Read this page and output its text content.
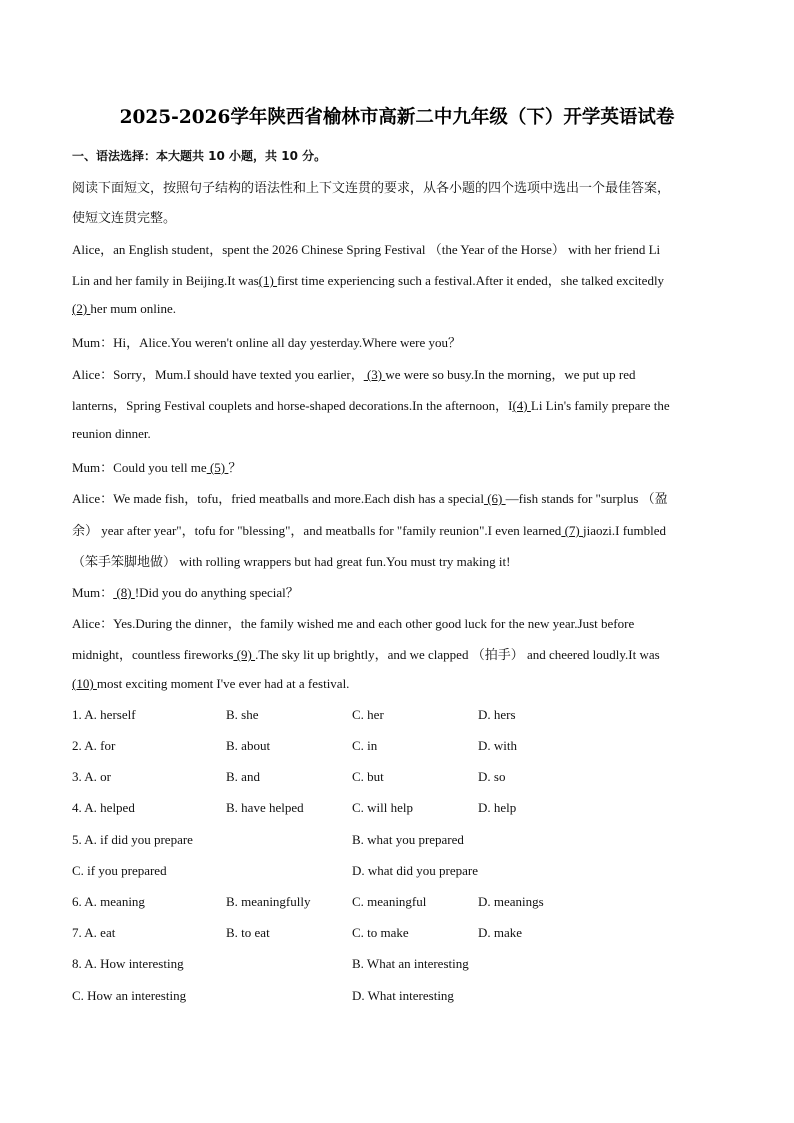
2025-2026学年陕西省榆林市高新二中九年级（下）开学英语试卷
一、语法选择：本大题共 10 小题，共 10 分。
阅读下面短文，按照句子结构的语法性和上下文连贯的要求，从各小题的四个选项中选出一个最佳答案，
使短文连贯完整。
Alice，an English student，spent the 2026 Chinese Spring Festival （the Year of the Horse） with her friend Li
Lin and her family in Beijing.It was(1) first time experiencing such a festival.After it ended，she talked excitedly
(2) her mum online.
Mum：Hi，Alice.You weren't online all day yesterday.Where were you？
Alice：Sorry，Mum.I should have texted you earlier， (3) we were so busy.In the morning，we put up red
lanterns，Spring Festival couplets and horse-shaped decorations.In the afternoon，I(4) Li Lin's family prepare the
reunion dinner.
Mum：Could you tell me (5) ？
Alice：We made fish，tofu，fried meatballs and more.Each dish has a special (6) —fish stands for "surplus （盈
余） year after year"，tofu for "blessing"，and meatballs for "family reunion".I even learned (7) jiaozi.I fumbled
（笨手笨脚地做） with rolling wrappers but had great fun.You must try making it!
Mum： (8) !Did you do anything special？
Alice：Yes.During the dinner，the family wished me and each other good luck for the new year.Just before
midnight，countless fireworks (9) .The sky lit up brightly，and we clapped （拍手） and cheered loudly.It was
(10) most exciting moment I've ever had at a festival.
1. A. herself	B. she	C. her	D. hers
2. A. for	B. about	C. in	D. with
3. A. or	B. and	C. but	D. so
4. A. helped	B. have helped	C. will help	D. help
5. A. if did you prepare	B. what you prepared
C. if you prepared	D. what did you prepare
6. A. meaning	B. meaningfully	C. meaningful	D. meanings
7. A. eat	B. to eat	C. to make	D. make
8. A. How interesting	B. What an interesting
C. How an interesting	D. What interesting
